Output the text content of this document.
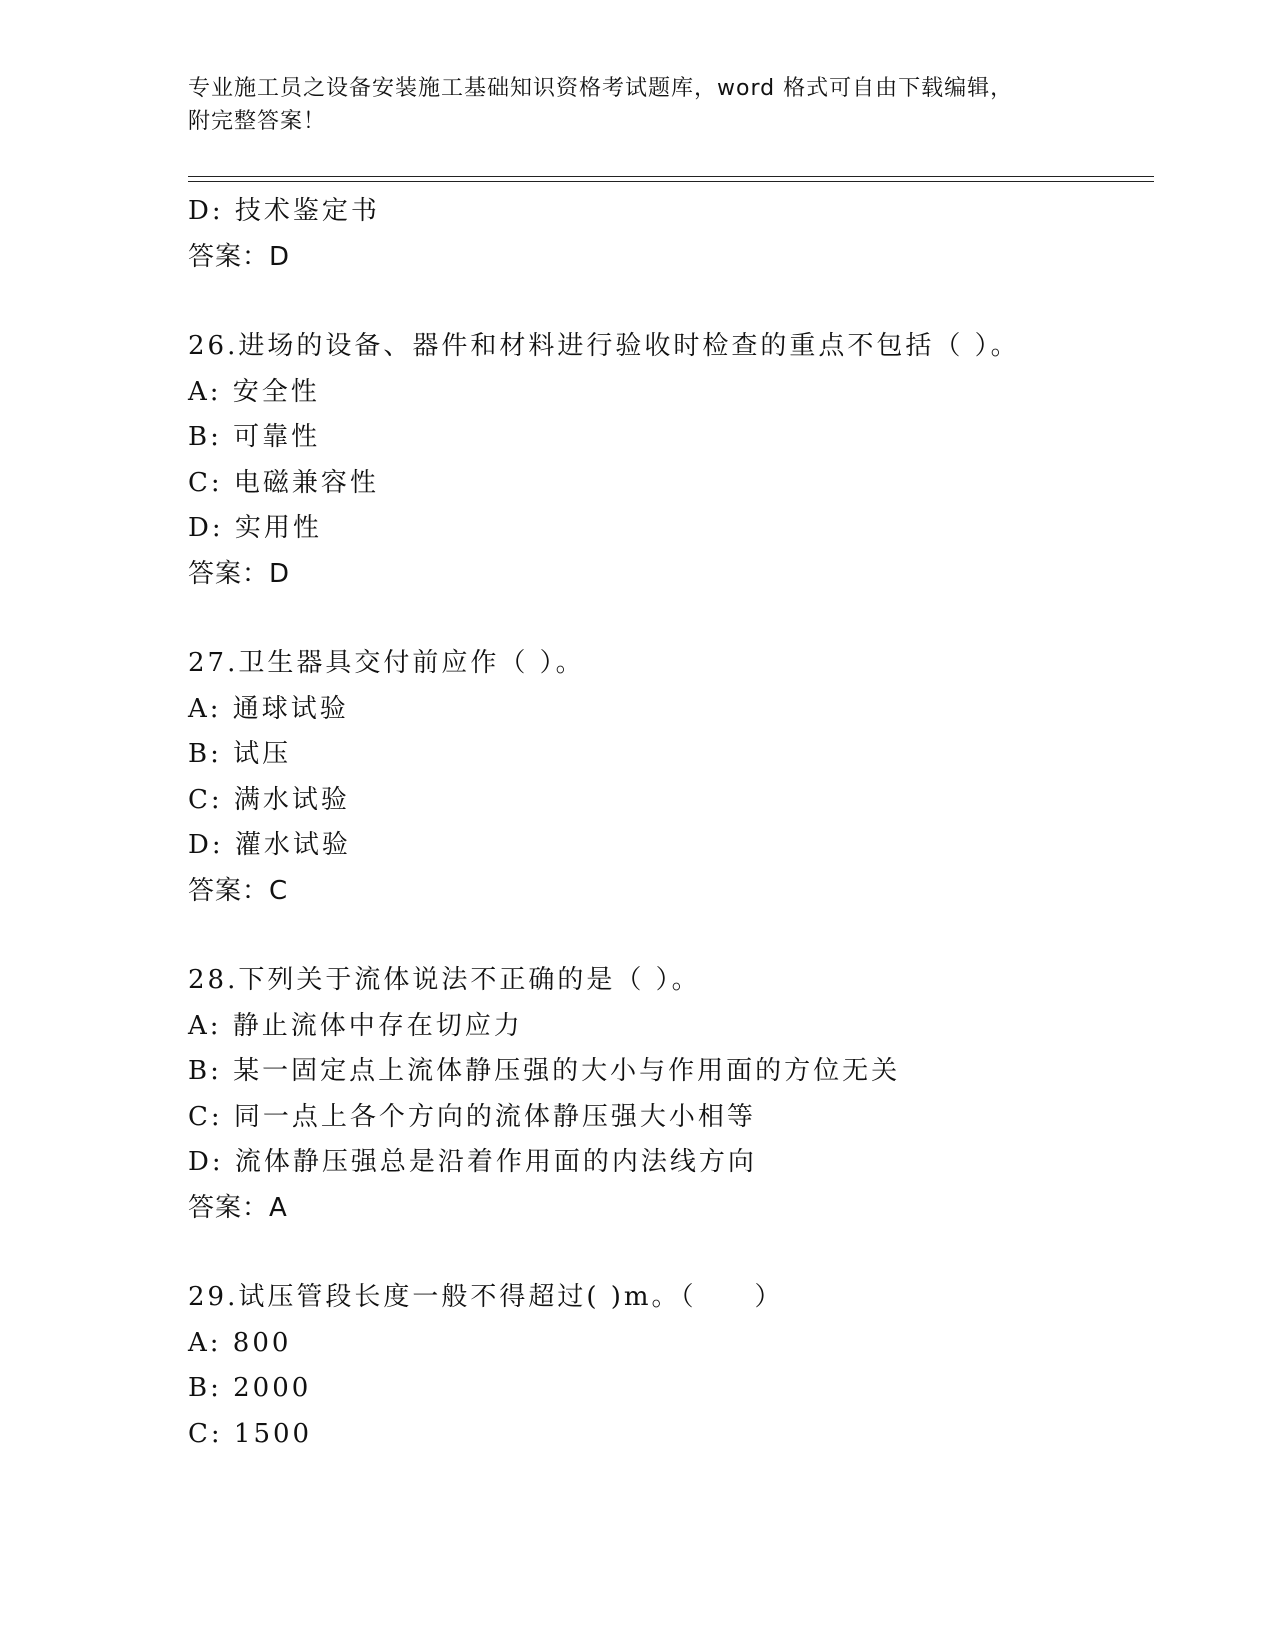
专业施工员之设备安装施工基础知识资格考试题库，word 格式可自由下载编辑，
附完整答案！
D: 技术鉴定书
答案：D
26.进场的设备、器件和材料进行验收时检查的重点不包括（ ）。
A: 安全性
B: 可靠性
C: 电磁兼容性
D: 实用性
答案：D
27.卫生器具交付前应作（ ）。
A: 通球试验
B: 试压
C: 满水试验
D: 灌水试验
答案：C
28.下列关于流体说法不正确的是（ ）。
A: 静止流体中存在切应力
B: 某一固定点上流体静压强的大小与作用面的方位无关
C: 同一点上各个方向的流体静压强大小相等
D: 流体静压强总是沿着作用面的内法线方向
答案：A
29.试压管段长度一般不得超过( )m。（　　）
A: 800
B: 2000
C: 1500
